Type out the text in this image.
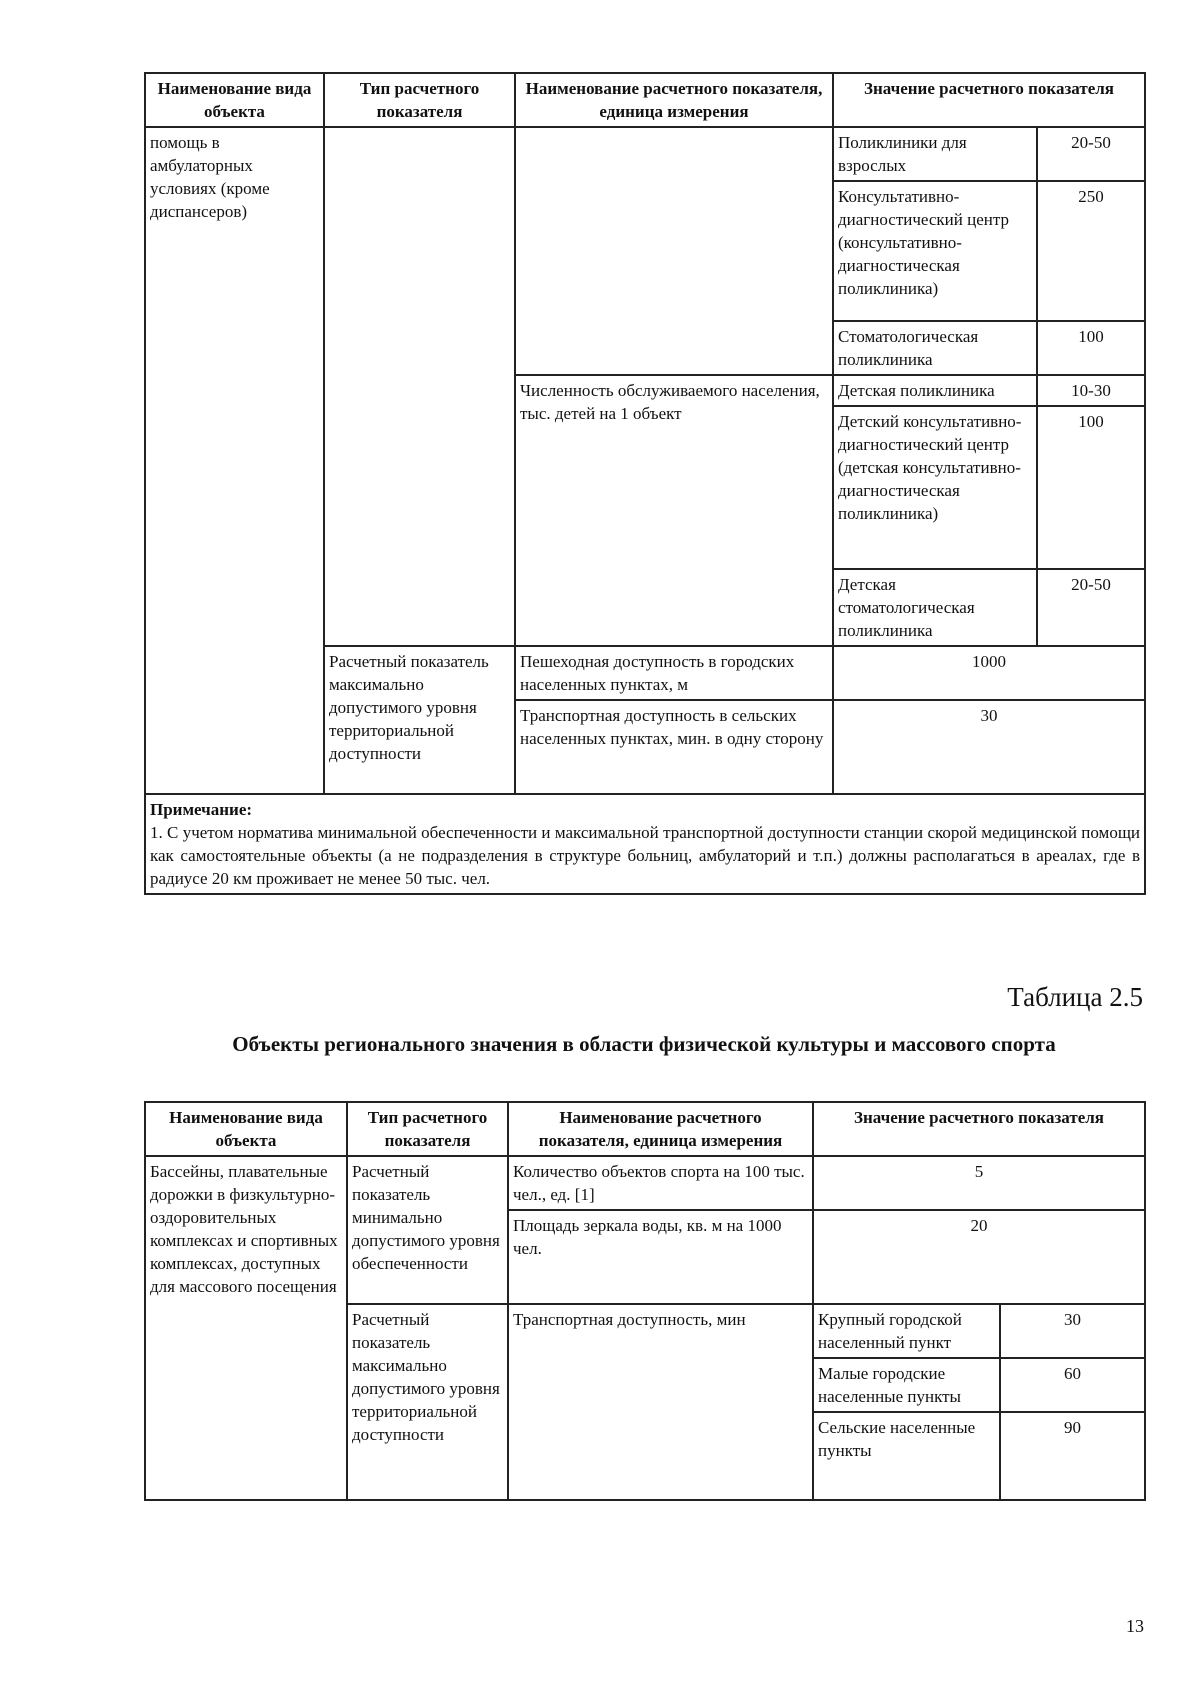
Наименование вида объекта	Тип расчетного показателя	Наименование расчетного показателя, единица измерения	Значение расчетного показателя	
помощь в амбулаторных условиях (кроме диспансеров)			Поликлиники для взрослых	20-50
			Консультативно-диагностический центр (консультативно-диагностическая поликлиника)	250
			Стоматологическая поликлиника	100
		Численность обслуживаемого населения, тыс. детей на 1 объект	Детская поликлиника	10-30
			Детский консультативно-диагностический центр (детская консультативно-диагностическая поликлиника)	100
			Детская стоматологическая поликлиника	20-50
	Расчетный показатель максимально допустимого уровня территориальной доступности	Пешеходная доступность в городских населенных пунктах, м	1000	
		Транспортная доступность в сельских населенных пунктах, мин. в одну сторону	30	
Примечание:
1. С учетом норматива минимальной обеспеченности и максимальной транспортной доступности станции скорой медицинской помощи как самостоятельные объекты (а не подразделения в структуре больниц, амбулаторий и т.п.) должны располагаться в ареалах, где в радиусе 20 км проживает не менее 50 тыс. чел.				
Таблица 2.5
Объекты регионального значения в области физической культуры и массового спорта
Наименование вида объекта	Тип расчетного показателя	Наименование расчетного показателя, единица измерения	Значение расчетного показателя	
Бассейны, плавательные дорожки в физкультурно-оздоровительных комплексах и спортивных комплексах, доступных для массового посещения	Расчетный показатель минимально допустимого уровня обеспеченности	Количество объектов спорта на 100 тыс. чел., ед. [1]	5	
		Площадь зеркала воды, кв. м на 1000 чел.	20	
	Расчетный показатель максимально допустимого уровня территориальной доступности	Транспортная доступность, мин	Крупный городской населенный пункт	30
			Малые городские населенные пункты	60
			Сельские населенные пункты	90
13
